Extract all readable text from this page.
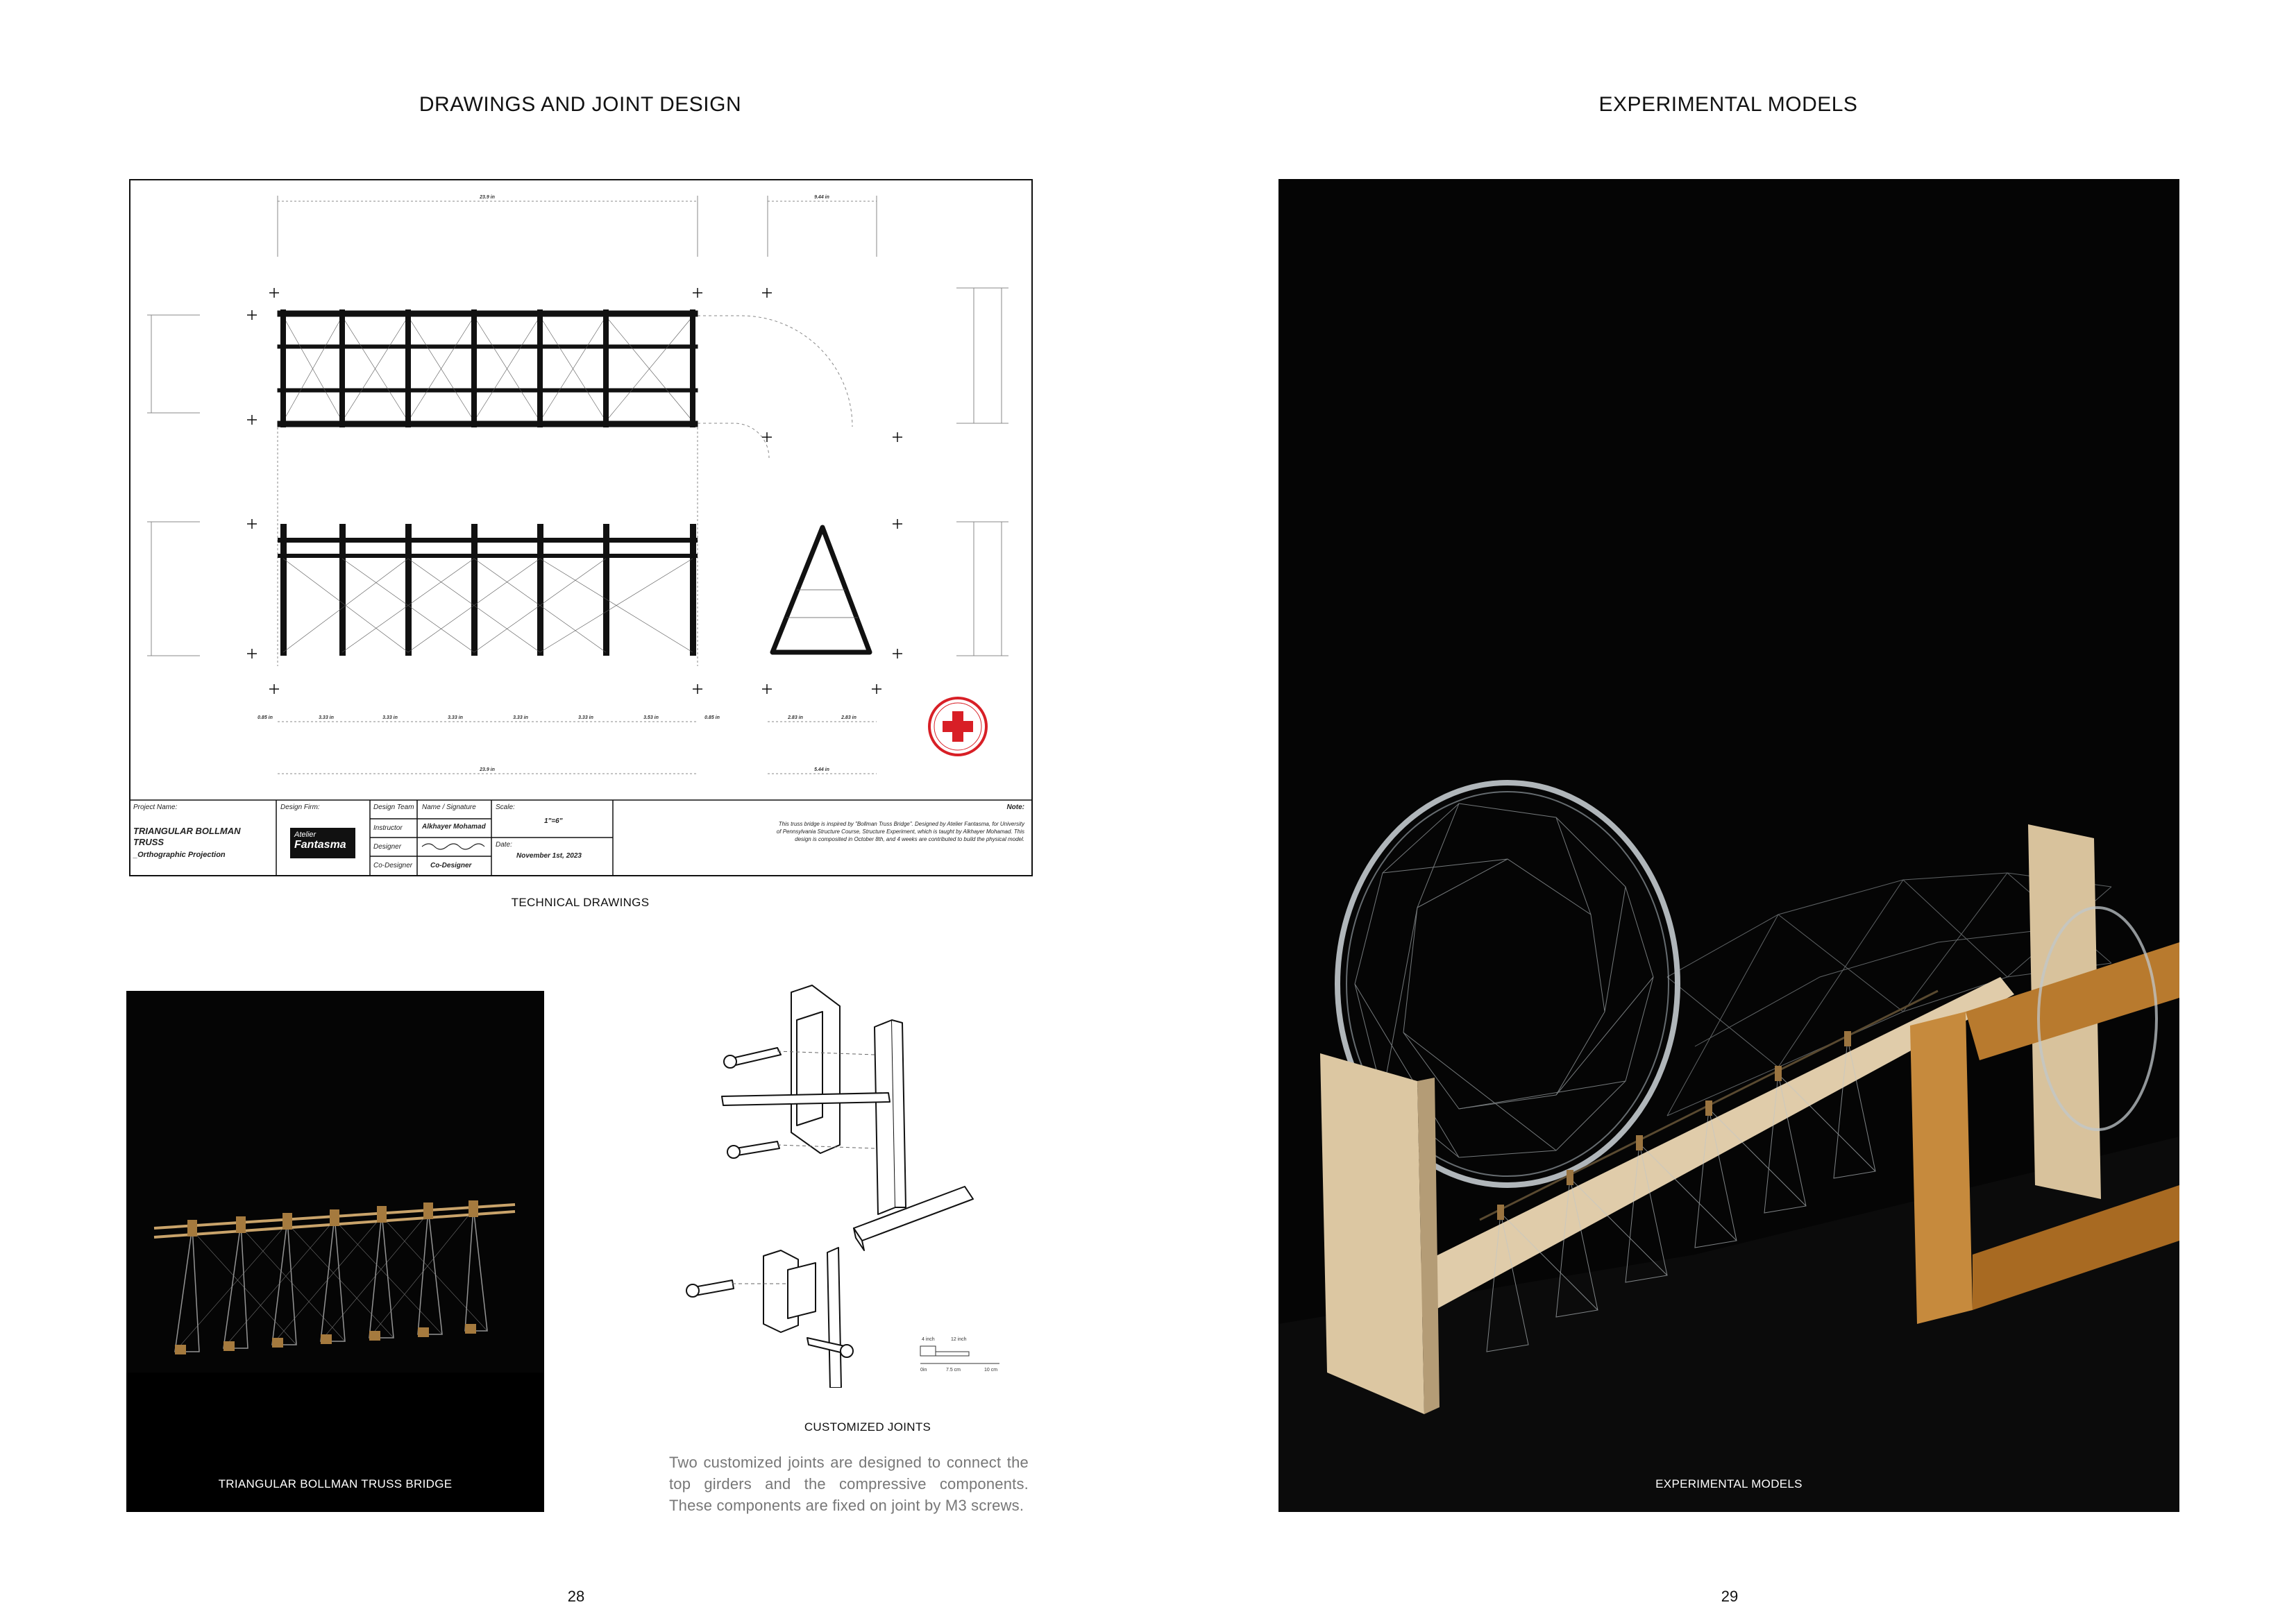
DRAWINGS AND JOINT DESIGN
23.9 in	9.44 in
0.85 in	3.33 in	3.33 in	3.33 in	3.33 in	3.33 in	3.53 in	0.85 in	2.83 in	2.83 in
23.9 in	5.44 in
Project Name:
TRIANGULAR BOLLMAN TRUSS
_Orthographic Projection
Design Firm:
Atelier
Fantasma
Design Team Name / Signature
Instructor	Alkhayer Mohamad
Designer
Co-Designer	Co-Designer
Scale:
1"=6"
Date:
November 1st, 2023
Note:
This truss bridge is inspired by "Bollman Truss Bridge". Designed by Atelier Fantasma, for University of Pennsylvania Structure Course, Structure Experiment, which is taught by Alkhayer Mohamad. This design is composited in October 8th, and 4 weeks are contributed to build the physical model.
TECHNICAL DRAWINGS
TRIANGULAR BOLLMAN TRUSS BRIDGE
4 inch	12 inch
0in	7.5 cm	10 cm
CUSTOMIZED JOINTS
Two customized joints are designed to connect the top girders and the compressive components. These components are fixed on joint by M3 screws.
28
EXPERIMENTAL MODELS
EXPERIMENTAL MODELS
29
